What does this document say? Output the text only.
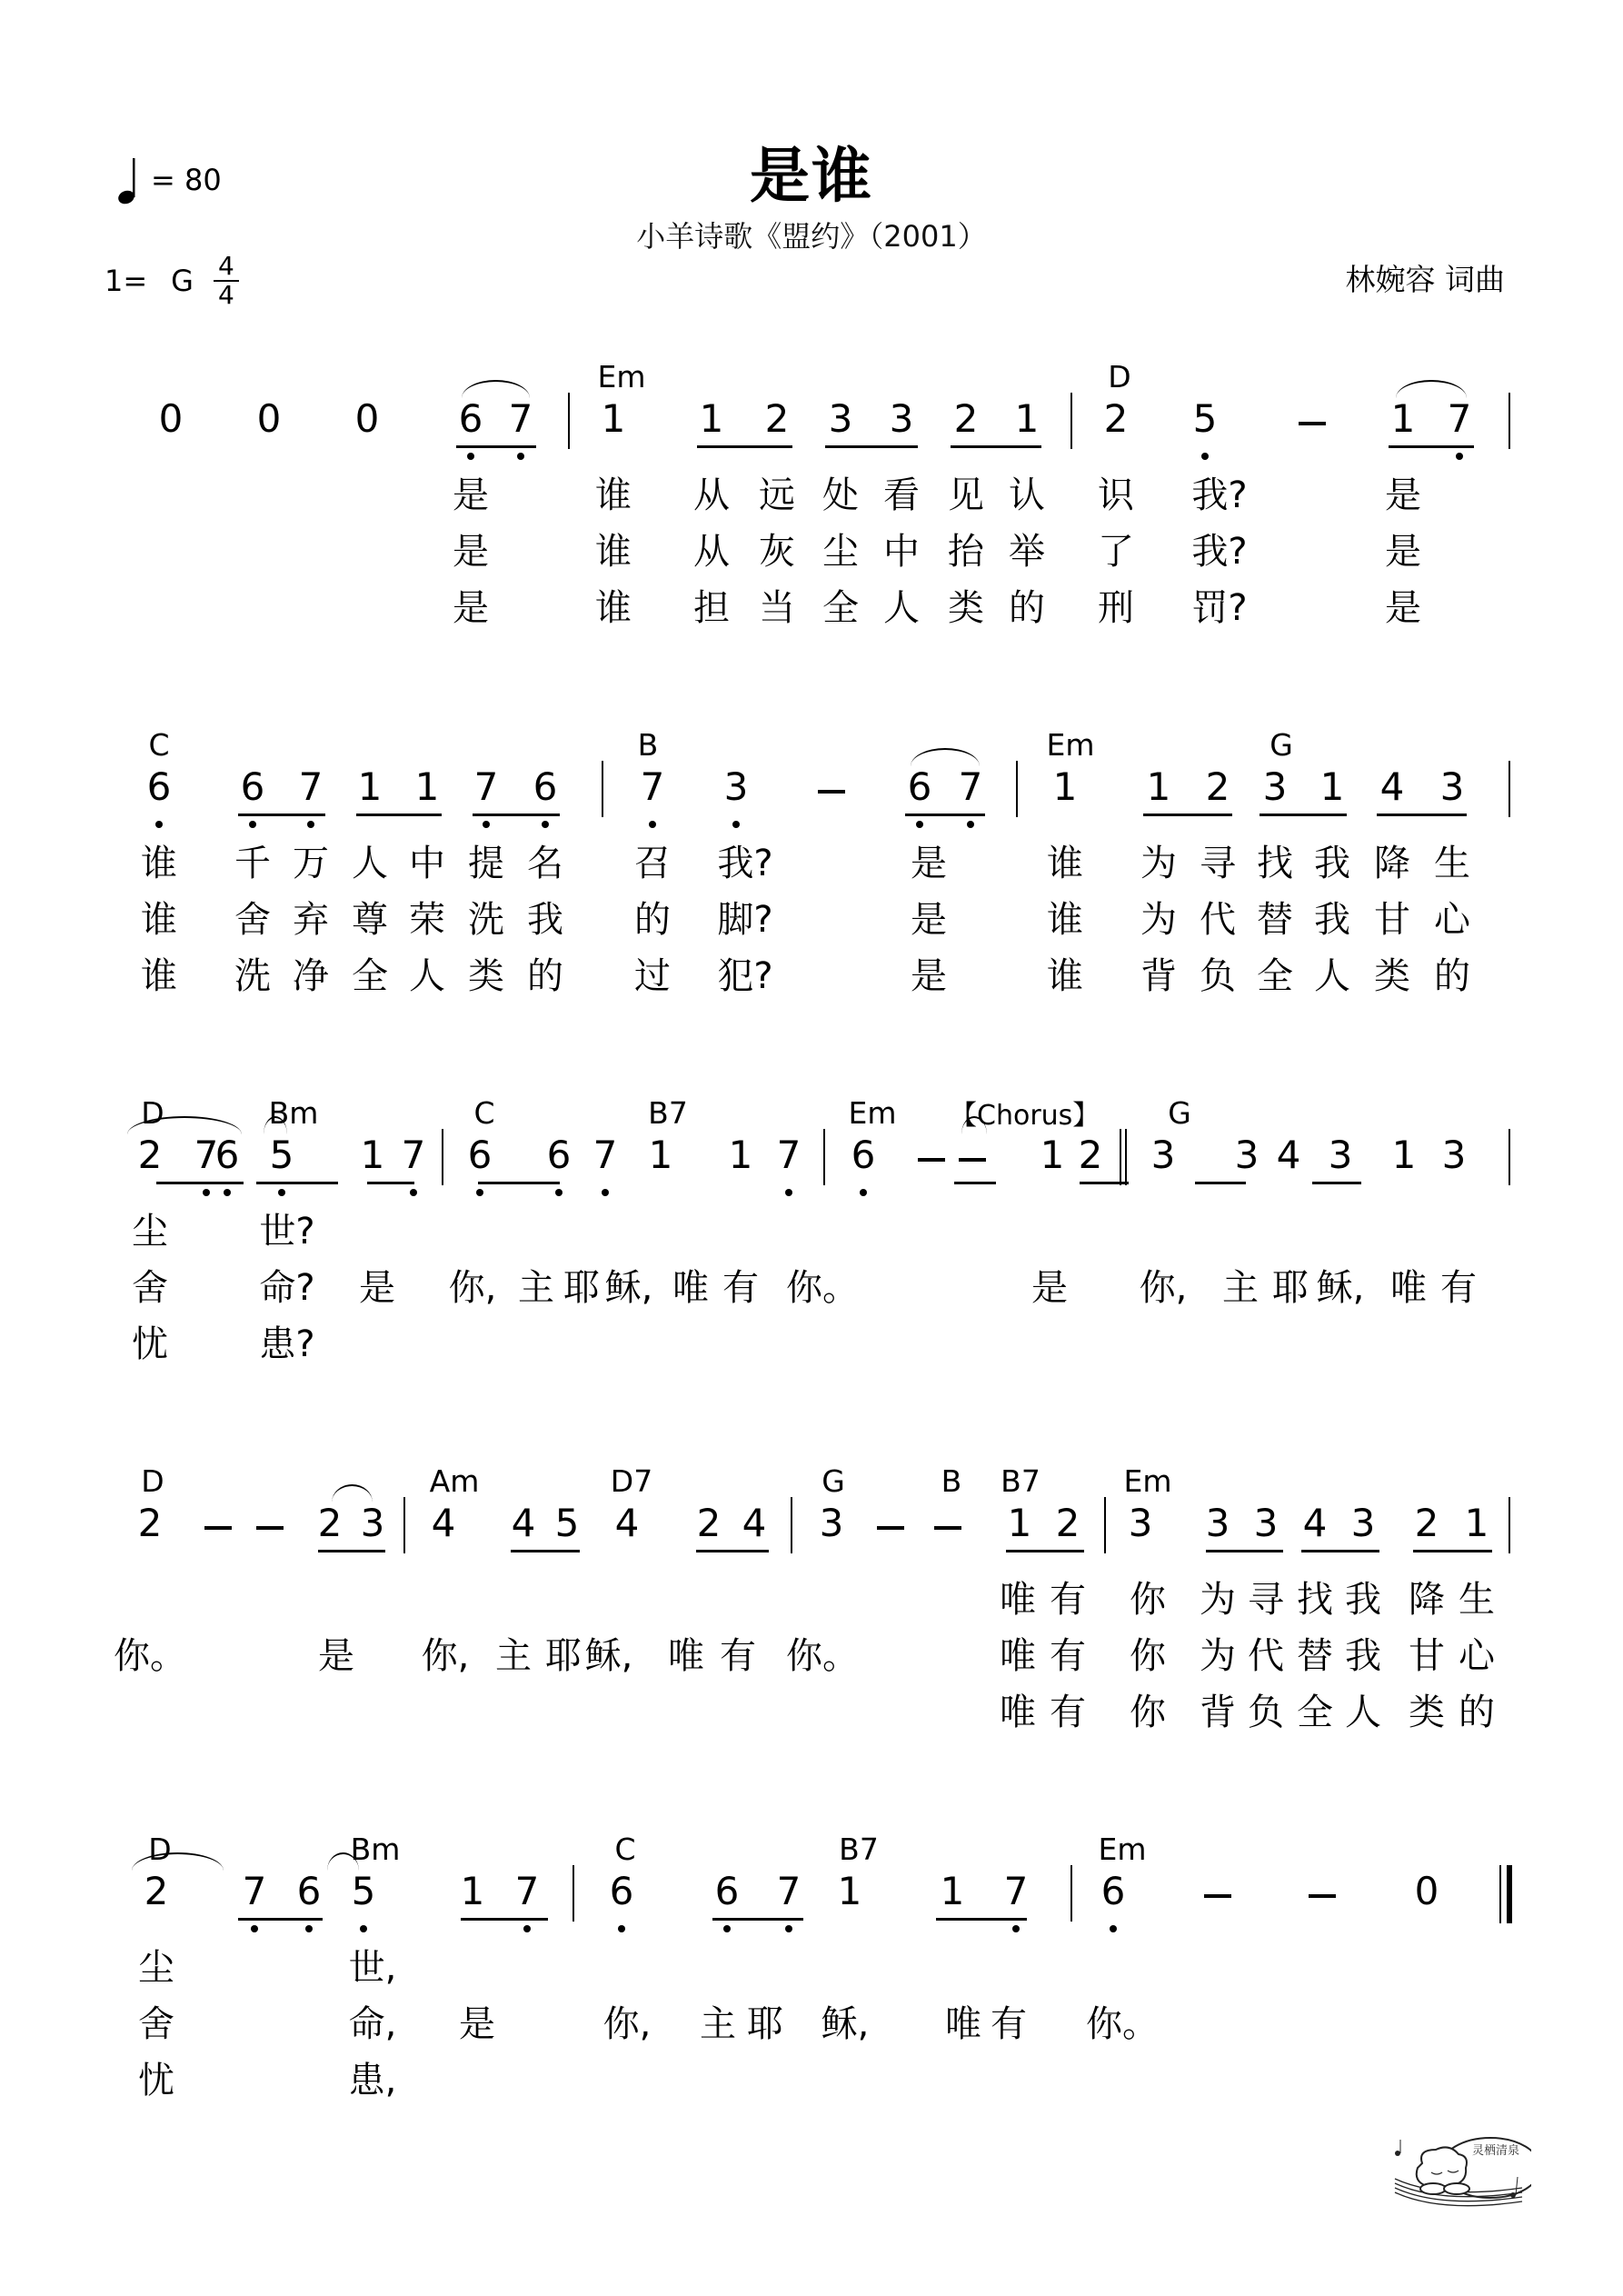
= 80	是谁
小羊诗歌《盟约》（2001）
林婉容 词曲
1= G $\frac{4}{4}$
Em	D
0 0 0 6 7 1 1 2 3 3 2 1 2 5	1 7
是	谁 从 远 处 看 见 认 识 我?	是
是	谁 从 灰 尘 中 抬 举 了 我?	是
是	谁 担 当 全 人 类 的 刑 罚?	是
C	B	Em	G
6 6 7 1 1 7 6 7 3	6 7 1 1 2 3 1 4 3
谁 千 万 人 中 提 名 召 我?	是	谁 为 寻 找 我 降 生
谁 舍 弃 尊 荣 洗 我 的 脚?	是	谁 为 代 替 我 甘 心
谁 洗 净 全 人 类 的 过 犯?	是	谁 背 负 全 人 类 的
D	Bm	C	B7	Em	G
【Chorus】
2 7
6 5 1 7 6 6 7 1 1 7 6	1 2 3 3 4 3 1 3
尘	世?
舍	命? 是 你, 主 耶 稣, 唯 有 你。	是 你, 主 耶 稣, 唯 有
忧	患?
D	Am	D7	G	B B7	Em
2	2 3 4 4 5 4 2 4 3	1 2 3 3 3 4 3 2 1
唯 有 你 为 寻 找 我 降 生
你。	是 你, 主 耶 稣, 唯 有 你。	唯 有 你 为 代 替 我 甘 心
唯 有 你 背 负 全 人 类 的
D	Bm	C	B7	Em
2 7 6 5 1 7 6 6 7 1 1 7 6	0
尘	世,
舍	命, 是	你, 主 耶 稣, 唯 有 你。
忧	患,
灵栖清泉
